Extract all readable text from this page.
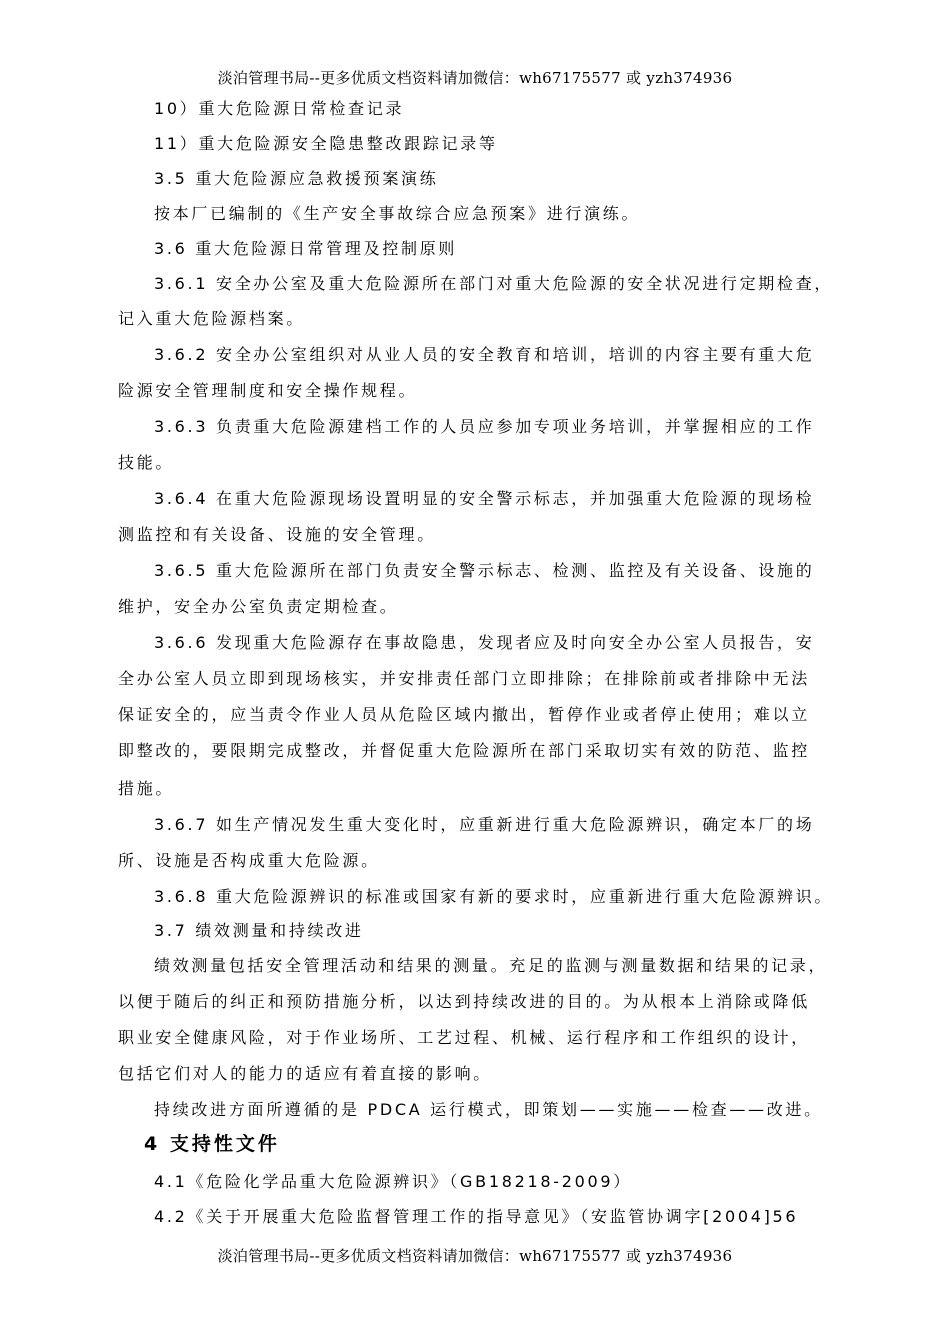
淡泊管理书局--更多优质文档资料请加微信：wh67175577 或 yzh374936
10）重大危险源日常检查记录
11）重大危险源安全隐患整改跟踪记录等
3.5 重大危险源应急救援预案演练
按本厂已编制的《生产安全事故综合应急预案》进行演练。
3.6 重大危险源日常管理及控制原则
3.6.1 安全办公室及重大危险源所在部门对重大危险源的安全状况进行定期检查，
记入重大危险源档案。
3.6.2 安全办公室组织对从业人员的安全教育和培训，培训的内容主要有重大危
险源安全管理制度和安全操作规程。
3.6.3 负责重大危险源建档工作的人员应参加专项业务培训，并掌握相应的工作
技能。
3.6.4 在重大危险源现场设置明显的安全警示标志，并加强重大危险源的现场检
测监控和有关设备、设施的安全管理。
3.6.5 重大危险源所在部门负责安全警示标志、检测、监控及有关设备、设施的
维护，安全办公室负责定期检查。
3.6.6 发现重大危险源存在事故隐患，发现者应及时向安全办公室人员报告，安
全办公室人员立即到现场核实，并安排责任部门立即排除；在排除前或者排除中无法
保证安全的，应当责令作业人员从危险区域内撤出，暂停作业或者停止使用；难以立
即整改的，要限期完成整改，并督促重大危险源所在部门采取切实有效的防范、监控
措施。
3.6.7 如生产情况发生重大变化时，应重新进行重大危险源辨识，确定本厂的场
所、设施是否构成重大危险源。
3.6.8 重大危险源辨识的标准或国家有新的要求时，应重新进行重大危险源辨识。
3.7 绩效测量和持续改进
绩效测量包括安全管理活动和结果的测量。充足的监测与测量数据和结果的记录，
以便于随后的纠正和预防措施分析，以达到持续改进的目的。为从根本上消除或降低
职业安全健康风险，对于作业场所、工艺过程、机械、运行程序和工作组织的设计，
包括它们对人的能力的适应有着直接的影响。
持续改进方面所遵循的是 PDCA 运行模式，即策划——实施——检查——改进。
4 支持性文件
4.1《危险化学品重大危险源辨识》（GB18218-2009）
4.2《关于开展重大危险监督管理工作的指导意见》（安监管协调字[2004]56
淡泊管理书局--更多优质文档资料请加微信：wh67175577 或 yzh374936
